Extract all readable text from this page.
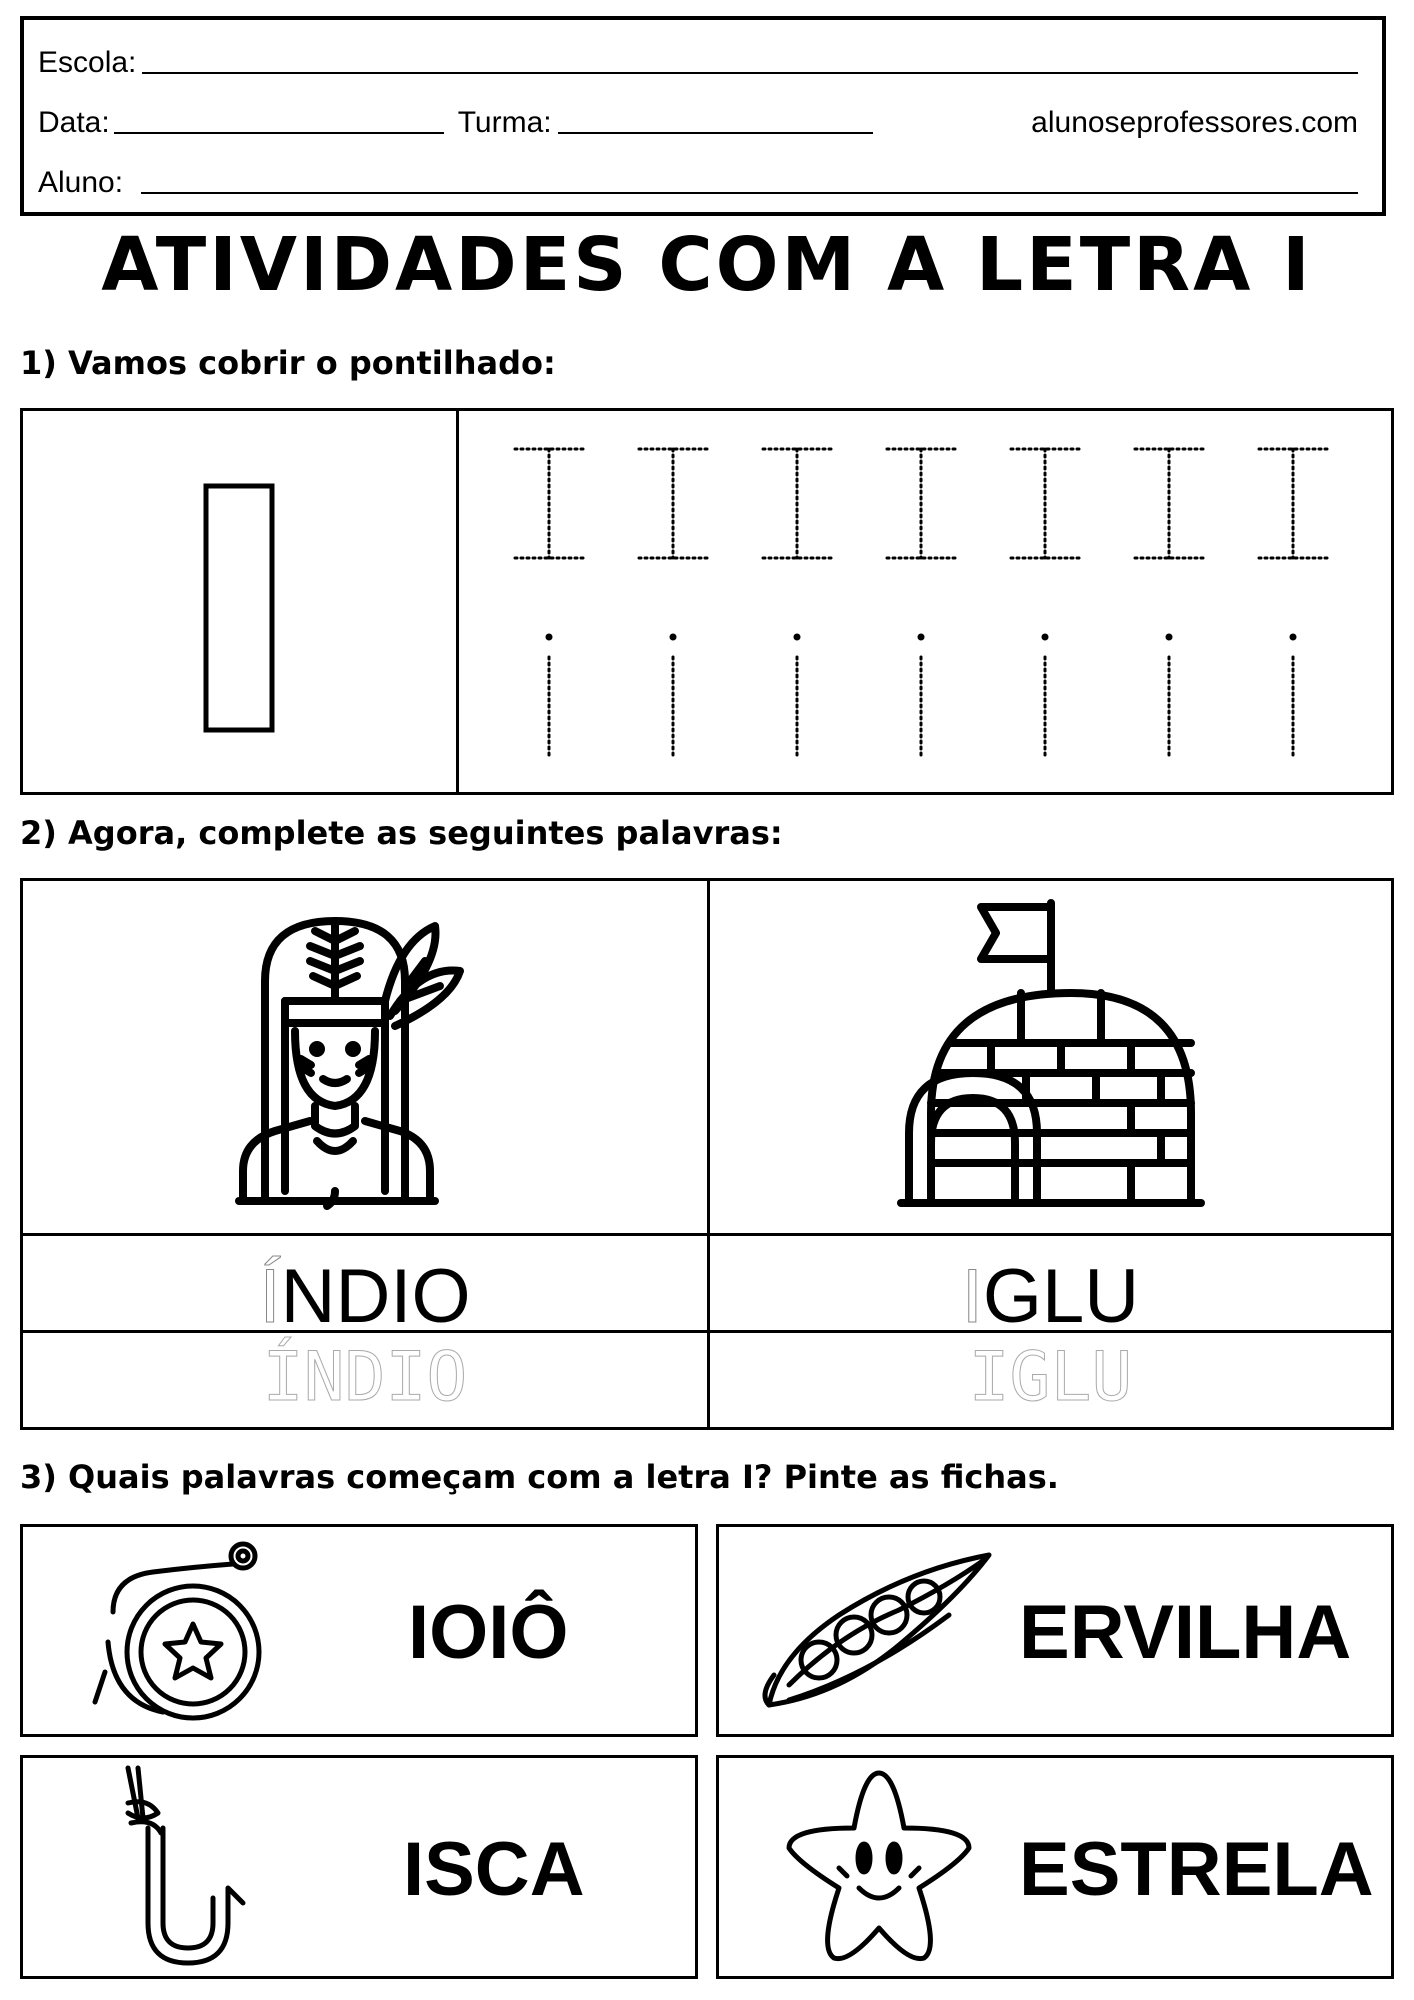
Escola:
Data:	Turma:	alunoseprofessores.com
Aluno:
ATIVIDADES COM A LETRA I
1) Vamos cobrir o pontilhado:
2) Agora, complete as seguintes palavras:
ÍNDIO	IGLU
ÍNDIO	IGLU
3) Quais palavras começam com a letra I? Pinte as fichas.
IOIÔ	ERVILHA
ISCA	ESTRELA
